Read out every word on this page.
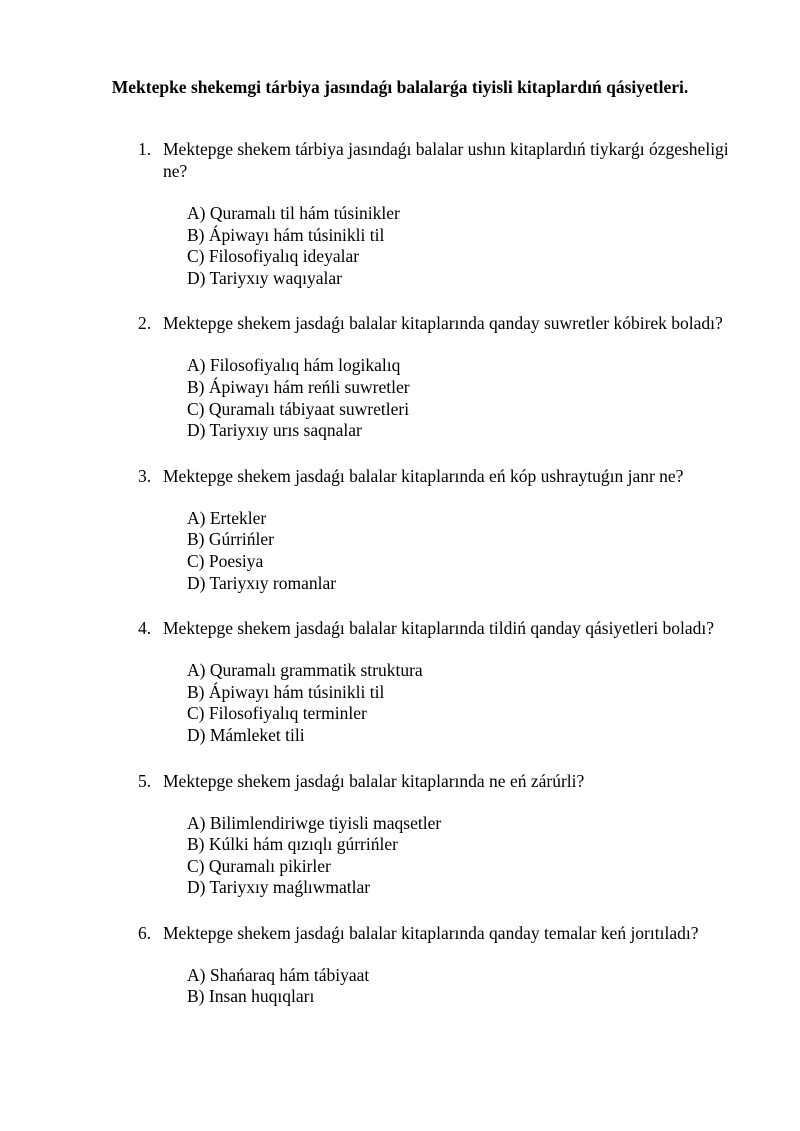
Mektepke shekemgi tárbiya jasındaǵı balalarǵa tiyisli kitaplardıń qásiyetleri.
1. Mektepge shekem tárbiya jasındaǵı balalar ushın kitaplardıń tiykarǵı ózgesheligi ne?
A) Quramalı til hám túsinikler
B) Ápiwayı hám túsinikli til
C) Filosofiyalıq ideyalar
D) Tariyxıy waqıyalar
2. Mektepge shekem jasdaǵı balalar kitaplarında qanday suwretler kóbirek boladı?
A) Filosofiyalıq hám logikalıq
B) Ápiwayı hám reńli suwretler
C) Quramalı tábiyaat suwretleri
D) Tariyxıy urıs saqnalar
3. Mektepge shekem jasdaǵı balalar kitaplarında eń kóp ushraytuǵın janr ne?
A) Ertekler
B) Gúrrińler
C) Poesiya
D) Tariyxıy romanlar
4. Mektepge shekem jasdaǵı balalar kitaplarında tildiń qanday qásiyetleri boladı?
A) Quramalı grammatik struktura
B) Ápiwayı hám túsinikli til
C) Filosofiyalıq terminler
D) Mámleket tili
5. Mektepge shekem jasdaǵı balalar kitaplarında ne eń zárúrli?
A) Bilimlendiriwge tiyisli maqsetler
B) Kúlki hám qızıqlı gúrrińler
C) Quramalı pikirler
D) Tariyxıy maǵlıwmatlar
6. Mektepge shekem jasdaǵı balalar kitaplarında qanday temalar keń jorıtıladı?
A) Shańaraq hám tábiyaat
B) Insan huqıqları
